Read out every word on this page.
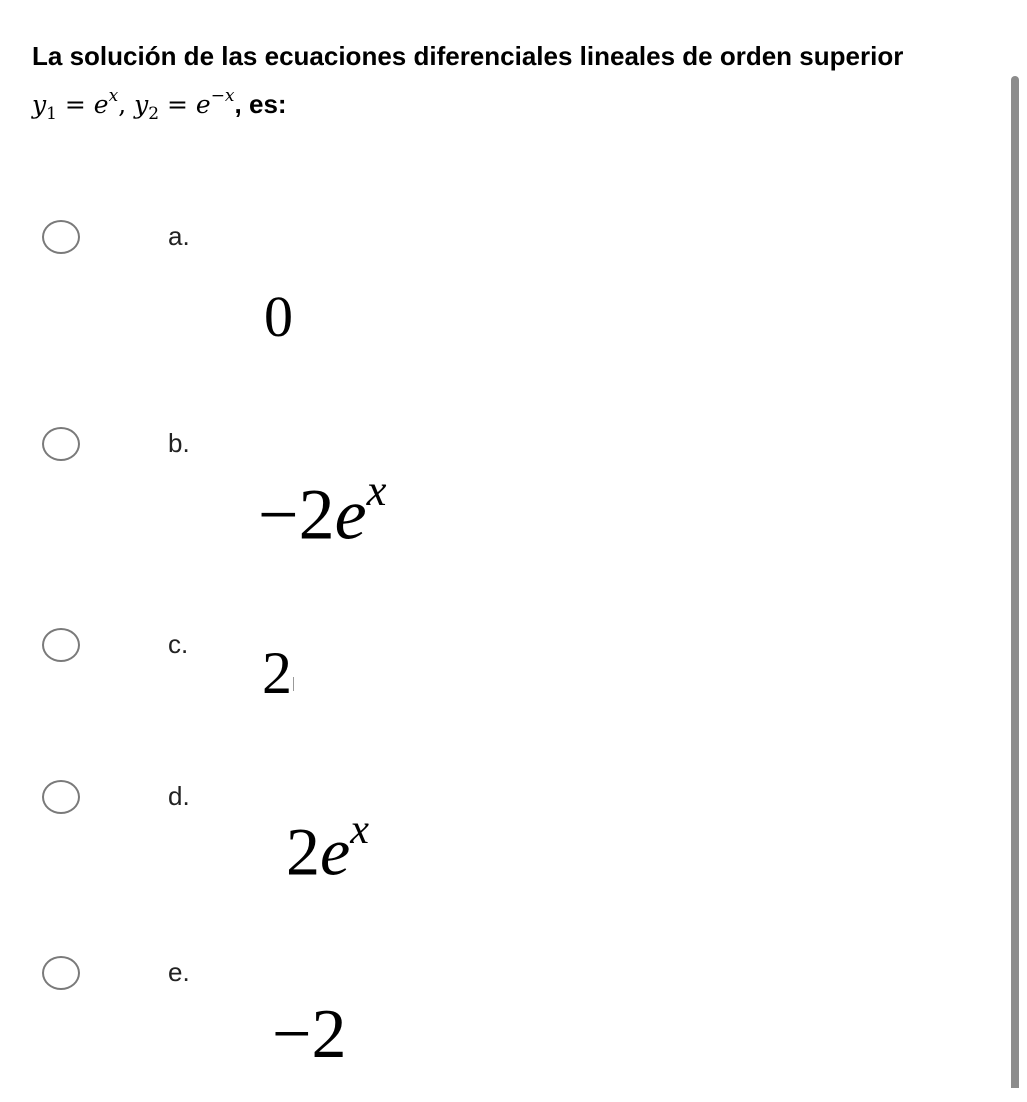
La solución de las ecuaciones diferenciales lineales de orden superior
$y_1 = e^x$, $y_2 = e^{-x}$, es:
a.
0
b.
$-2e^x$
c. 2
d.
$2e^x$
e.
−2
